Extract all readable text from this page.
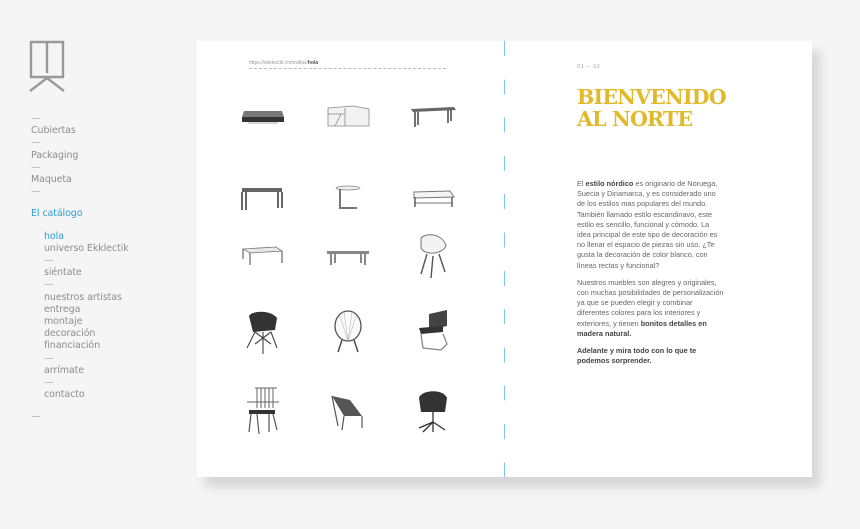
—
Cubiertas
—
Packaging
—
Maqueta
—
El catálogo
hola
universo Ekklectik
—
siéntate
—
nuestros artistas
entrega
montaje
decoración
financiación
—
arrímate
—
contacto
—
https://ekklectik.com/sillas/hola
01 — 02
BIENVENIDO
AL NORTE

El estilo nórdico es originario de Noruega, Suecia y Dinamarca, y es considerado uno de los estilos mas populares del mundo. También llamado estilo escandinavo, este estilo es sencillo, funcional y cómodo. La idea principal de este tipo de decoración es no llenar el espacio de piezas sin uso. ¿Te gusta la decoración de color blanco, con líneas rectas y funcional?

Nuestros muebles son alegres y originales, con muchas posibilidades de personalización ya que se pueden elegir y combinar diferentes colores para los interiores y exteriores, y tienen bonitos detalles en madera natural.

Adelante y mira todo con lo que te podemos sorprender.
